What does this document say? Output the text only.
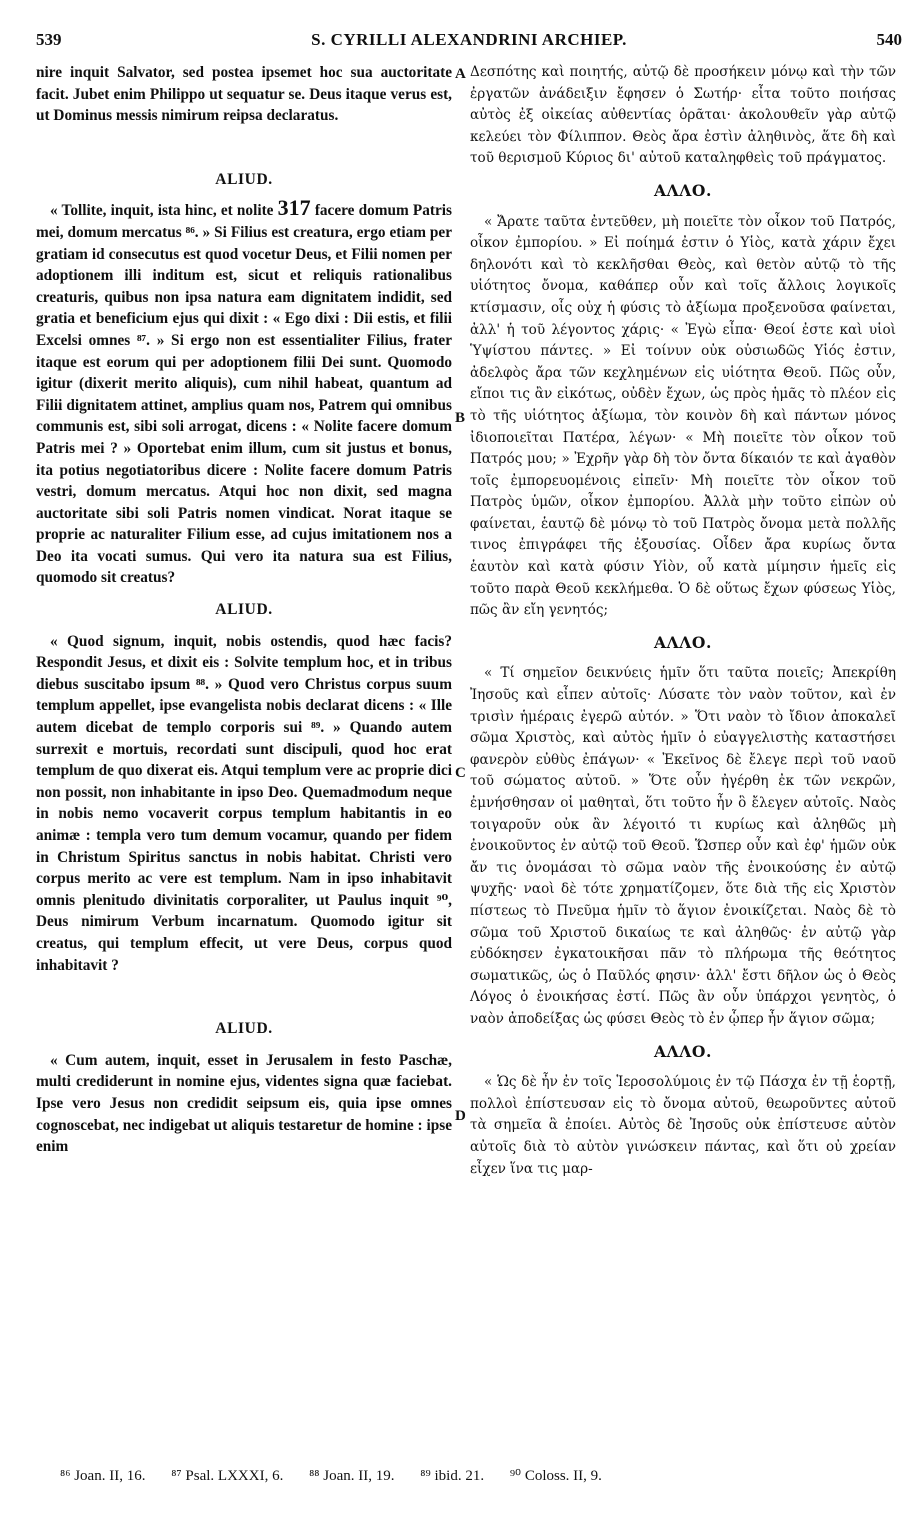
539	S. CYRILLI ALEXANDRINI ARCHIEP.	540

nire inquit Salvator, sed postea ipsemet hoc sua auctoritate facit. Jubet enim Philippo ut sequatur se. Deus itaque verus est, ut Dominus messis nimirum reipsa declaratus.

ALIUD.

« Tollite, inquit, ista hinc, et nolite 317 facere domum Patris mei, domum mercatus ⁸⁶. » Si Filius est creatura, ergo etiam per gratiam id consecutus est quod vocetur Deus, et Filii nomen per adoptionem illi inditum est, sicut et reliquis rationalibus creaturis, quibus non ipsa natura eam dignitatem indidit, sed gratia et beneficium ejus qui dixit : « Ego dixi : Dii estis, et filii Excelsi omnes ⁸⁷. » Si ergo non est essentialiter Filius, frater itaque est eorum qui per adoptionem filii Dei sunt. Quomodo igitur (dixerit merito aliquis), cum nihil habeat, quantum ad Filii dignitatem attinet, amplius quam nos, Patrem qui omnibus communis est, sibi soli arrogat, dicens : « Nolite facere domum Patris mei ? » Oportebat enim illum, cum sit justus et bonus, ita potius negotiatoribus dicere : Nolite facere domum Patris vestri, domum mercatus. Atqui hoc non dixit, sed magna auctoritate sibi soli Patris nomen vindicat. Norat itaque se proprie ac naturaliter Filium esse, ad cujus imitationem nos a Deo ita vocati sumus. Qui vero ita natura sua est Filius, quomodo sit creatus?

ALIUD.

« Quod signum, inquit, nobis ostendis, quod hæc facis? Respondit Jesus, et dixit eis : Solvite templum hoc, et in tribus diebus suscitabo ipsum ⁸⁸. » Quod vero Christus corpus suum templum appellet, ipse evangelista nobis declarat dicens : « Ille autem dicebat de templo corporis sui ⁸⁹. » Quando autem surrexit e mortuis, recordati sunt discipuli, quod hoc erat templum de quo dixerat eis. Atqui templum vere ac proprie dici non possit, non inhabitante in ipso Deo. Quemadmodum neque in nobis nemo vocaverit corpus templum habitantis in eo animæ : templa vero tum demum vocamur, quando per fidem in Christum Spiritus sanctus in nobis habitat. Christi vero corpus merito ac vere est templum. Nam in ipso inhabitavit omnis plenitudo divinitatis corporaliter, ut Paulus inquit ⁹⁰, Deus nimirum Verbum incarnatum. Quomodo igitur sit creatus, qui templum effecit, ut vere Deus, corpus quod inhabitavit ?

ALIUD.

« Cum autem, inquit, esset in Jerusalem in festo Paschæ, multi crediderunt in nomine ejus, videntes signa quæ faciebat. Ipse vero Jesus non credidit seipsum eis, quia ipse omnes cognoscebat, nec indigebat ut aliquis testaretur de homine : ipse enim

A
B
C
D

Δεσπότης καὶ ποιητής, αὐτῷ δὲ προσήκειν μόνῳ καὶ τὴν τῶν ἐργατῶν ἀνάδειξιν ἔφησεν ὁ Σωτήρ· εἶτα τοῦτο ποιήσας αὐτὸς ἐξ οἰκείας αὐθεντίας ὁρᾶται· ἀκολουθεῖν γὰρ αὐτῷ κελεύει τὸν Φίλιππον. Θεὸς ἄρα ἐστὶν ἀληθινὸς, ἅτε δὴ καὶ τοῦ θερισμοῦ Κύριος δι' αὐτοῦ καταληφθεὶς τοῦ πράγματος.

ΑΛΛΟ.

« Ἄρατε ταῦτα ἐντεῦθεν, μὴ ποιεῖτε τὸν οἶκον τοῦ Πατρός, οἶκον ἐμπορίου. » Εἰ ποίημά ἐστιν ὁ Υἱὸς, κατὰ χάριν ἔχει δηλονότι καὶ τὸ κεκλῆσθαι Θεὸς, καὶ θετὸν αὐτῷ τὸ τῆς υἱότητος ὄνομα, καθάπερ οὖν καὶ τοῖς ἄλλοις λογικοῖς κτίσμασιν, οἷς οὐχ ἡ φύσις τὸ ἀξίωμα προξενοῦσα φαίνεται, ἀλλ' ἡ τοῦ λέγοντος χάρις· « Ἐγὼ εἶπα· Θεοί ἐστε καὶ υἱοὶ Ὑψίστου πάντες. » Εἰ τοίνυν οὐκ οὐσιωδῶς Υἱός ἐστιν, ἀδελφὸς ἄρα τῶν κεχλημένων εἰς υἱότητα Θεοῦ. Πῶς οὖν, εἴποι τις ἂν εἰκότως, οὐδὲν ἔχων, ὡς πρὸς ἡμᾶς τὸ πλέον εἰς τὸ τῆς υἱότητος ἀξίωμα, τὸν κοινὸν δὴ καὶ πάντων μόνος ἰδιοποιεῖται Πατέρα, λέγων· « Μὴ ποιεῖτε τὸν οἶκον τοῦ Πατρός μου; » Ἐχρῆν γὰρ δὴ τὸν ὄντα δίκαιόν τε καὶ ἀγαθὸν τοῖς ἐμπορευομένοις εἰπεῖν· Μὴ ποιεῖτε τὸν οἶκον τοῦ Πατρὸς ὑμῶν, οἶκον ἐμπορίου. Ἀλλὰ μὴν τοῦτο εἰπὼν οὐ φαίνεται, ἑαυτῷ δὲ μόνῳ τὸ τοῦ Πατρὸς ὄνομα μετὰ πολλῆς τινος ἐπιγράφει τῆς ἐξουσίας. Οἶδεν ἄρα κυρίως ὄντα ἑαυτὸν καὶ κατὰ φύσιν Υἱὸν, οὗ κατὰ μίμησιν ἡμεῖς εἰς τοῦτο παρὰ Θεοῦ κεκλήμεθα. Ὁ δὲ οὕτως ἔχων φύσεως Υἱὸς, πῶς ἂν εἴη γενητός;

ΑΛΛΟ.

« Τί σημεῖον δεικνύεις ἡμῖν ὅτι ταῦτα ποιεῖς; Ἀπεκρίθη Ἰησοῦς καὶ εἶπεν αὐτοῖς· Λύσατε τὸν ναὸν τοῦτον, καὶ ἐν τρισὶν ἡμέραις ἐγερῶ αὐτόν. » Ὅτι ναὸν τὸ ἴδιον ἀποκαλεῖ σῶμα Χριστὸς, καὶ αὐτὸς ἡμῖν ὁ εὐαγγελιστὴς καταστήσει φανερὸν εὐθὺς ἐπάγων· « Ἐκεῖνος δὲ ἔλεγε περὶ τοῦ ναοῦ τοῦ σώματος αὐτοῦ. » Ὅτε οὖν ἠγέρθη ἐκ τῶν νεκρῶν, ἐμνήσθησαν οἱ μαθηταὶ, ὅτι τοῦτο ἦν ὃ ἔλεγεν αὐτοῖς. Ναὸς τοιγαροῦν οὐκ ἂν λέγοιτό τι κυρίως καὶ ἀληθῶς μὴ ἐνοικοῦντος ἐν αὐτῷ τοῦ Θεοῦ. Ὥσπερ οὖν καὶ ἐφ' ἡμῶν οὐκ ἄν τις ὀνομάσαι τὸ σῶμα ναὸν τῆς ἐνοικούσης ἐν αὐτῷ ψυχῆς· ναοὶ δὲ τότε χρηματίζομεν, ὅτε διὰ τῆς εἰς Χριστὸν πίστεως τὸ Πνεῦμα ἡμῖν τὸ ἅγιον ἐνοικίζεται. Ναὸς δὲ τὸ σῶμα τοῦ Χριστοῦ δικαίως τε καὶ ἀληθῶς· ἐν αὐτῷ γὰρ εὐδόκησεν ἐγκατοικῆσαι πᾶν τὸ πλήρωμα τῆς θεότητος σωματικῶς, ὡς ὁ Παῦλός φησιν· ἀλλ' ἔστι δῆλον ὡς ὁ Θεὸς Λόγος ὁ ἐνοικήσας ἐστί. Πῶς ἂν οὖν ὑπάρχοι γενητὸς, ὁ ναὸν ἀποδείξας ὡς φύσει Θεὸς τὸ ἐν ᾧπερ ἦν ἅγιον σῶμα;

ΑΛΛΟ.

« Ὡς δὲ ἦν ἐν τοῖς Ἱεροσολύμοις ἐν τῷ Πάσχα ἐν τῇ ἑορτῇ, πολλοὶ ἐπίστευσαν εἰς τὸ ὄνομα αὐτοῦ, θεωροῦντες αὐτοῦ τὰ σημεῖα ἃ ἐποίει. Αὐτὸς δὲ Ἰησοῦς οὐκ ἐπίστευσε αὐτὸν αὐτοῖς διὰ τὸ αὐτὸν γινώσκειν πάντας, καὶ ὅτι οὐ χρείαν εἶχεν ἵνα τις μαρ-

⁸⁶ Joan. II, 16. ⁸⁷ Psal. LXXXI, 6. ⁸⁸ Joan. II, 19. ⁸⁹ ibid. 21. ⁹⁰ Coloss. II, 9.
